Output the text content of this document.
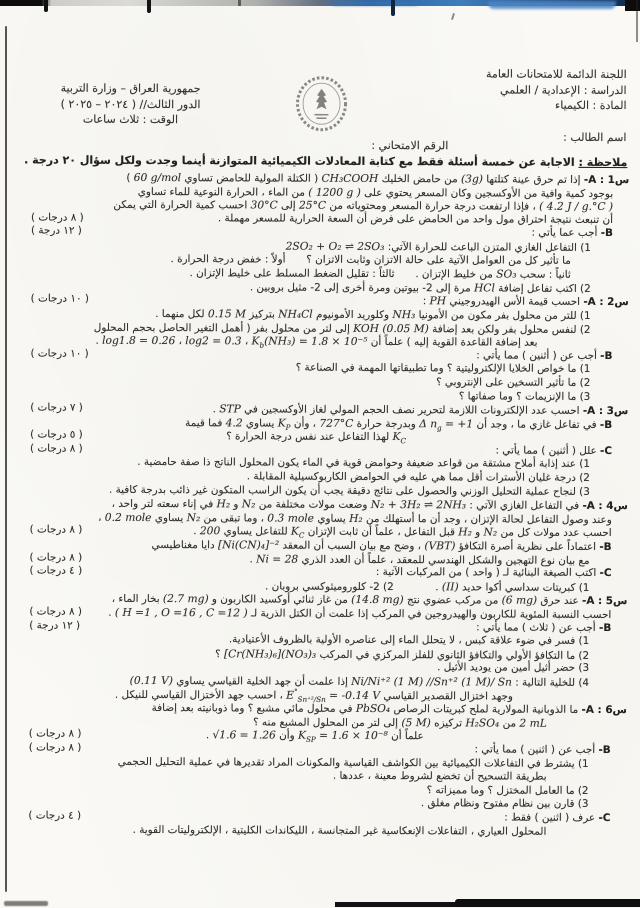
اللجنة الدائمة للامتحانات العامة
الدراسة : الإعدادية / العلمي
المادة : الكيمياء
اسم الطالب :
جمهورية العراق – وزارة التربية
الدور الثالث// ( ٢٠٢٤ – ٢٠٢٥ )
الوقت : ثلاث ساعات
الرقم الامتحاني :
ملاحظة : الاجابة عن خمسة أسئلة فقط مع كتابة المعادلات الكيميائية المتوازنة أينما وجدت ولكل سؤال ٢٠ درجة .
س1 : A- إذا تم حرق عينة كتلتها (3g) من حامض الخليك CH₃COOH ( الكتلة المولية للحامض تساوي 60 g/mol )
بوجود كمية وافية من الأوكسجين وكان المسعر يحتوي على ( 1200 g ) من الماء ، الحرارة النوعية للماء تساوي
( 4.2 J / g.°C ) ، فإذا ارتفعت درجة حرارة المسعر ومحتوياته من 25°C إلى 30°C احسب كمية الحرارة التي يمكن
أن تنبعث نتيجة احتراق مول واحد من الحامض على فرض أن السعة الحرارية للمسعر مهملة .
( ٨ درجات )
B- أجب عما يأتي :
( ١٢ درجة )
1) التفاعل الغازي المتزن الباعث للحرارة الآتي: 2SO₂ + O₂ ⇌ 2SO₃
ما تأثير كل من العوامل الآتية على حالة الاتزان وثابت الاتزان ؟  أولاً : خفض درجة الحرارة .
ثانياً : سحب SO₃ من خليط الإتزان .  ثالثاً : تقليل الضغط المسلط على خليط الإتزان .
2) اكتب تفاعل إضافة HCl مرة إلى 2- بيوتين ومرة أخرى إلى 2- مثيل بروبين .
س2 : A- احسب قيمة الأس الهيدروجيني PH :
( ١٠ درجات )
1) للتر من محلول بفر مكون من الأمونيا NH₃ وكلوريد الأمونيوم NH₄Cl بتركيز 0.15 M لكل منهما .
2) لنفس محلول بفر ولكن بعد إضافة KOH (0.05 M) إلى لتر من محلول بفر ( أهمل التغير الحاصل بحجم المحلول
بعد إضافة القاعدة القوية إليه ) علماً أن $K_b(NH_3) = 1.8 \times 10^{-5}$ ، log2 = 0.3 ، log1.8 = 0.26 .
B- أجب عن ( أثنين ) مما يأتي :
( ١٠ درجات )
1) ما خواص الخلايا الإلكتروليتية ؟ وما تطبيقاتها المهمة في الصناعة ؟
2) ما تأثير التسخين على الإنتروبي ؟
3) ما الإنزيمات ؟ وما صفاتها ؟
س3 : A- احسب عدد الإلكترونات اللازمة لتحرير نصف الحجم المولي لغاز الأوكسجين في STP .
( ٧ درجات )
B- في تفاعل غازي ما ، وجد أن Δ $n_g = +1$ وبدرجة حرارة 727°C ، وأن $K_P$ يساوي 4.2 فما قيمة
$K_C$ لهذا التفاعل عند نفس درجة الحرارة ؟
( ٥ درجات )
C- علل ( أثنين ) مما يأتي :
( ٨ درجات )
1) عند إذابة أملاح مشتقة من قواعد ضعيفة وحوامض قوية في الماء يكون المحلول الناتج ذا صفة حامضية .
2) درجة غليان الأسترات أقل مما هي عليه في الحوامض الكاربوكسيلية المقابلة .
3) لنجاح عملية التحليل الوزني والحصول على نتائج دقيقة يجب أن يكون الراسب المتكون غير ذائب بدرجة كافية .
س4 : A- في التفاعل الغازي الآتي : N₂ + 3H₂ ⇌ 2NH₃ وضعت مولات مختلفة من N₂ و H₂ في إناء سعته لتر واحد ،
وعند وصول التفاعل لحالة الإتزان ، وجد أن ما أستهلك من H₂ يساوي 0.3 mole ، وما تبقى من N₂ يساوي 0.2 mole ،
احسب عدد مولات كل من N₂ و H₂ قبل التفاعل ، علماً أن ثابت الإتزان $K_C$ للتفاعل يساوي 200 .
( ٨ درجات )
B- اعتماداً على نظرية أصرة التكافؤ (VBT) ، وضح مع بيان السبب أن المعقد [Ni(CN)₄]⁻² دايا مغناطيسي
مع بيان نوع التهجين والشكل الهندسي للمعقد ، علماً أن العدد الذري Ni = 28 .
( ٨ درجات )
C- اكتب الصيغة البنائية لـ ( واحد ) من المركبات الآتية :
( ٤ درجات )
1) كبريتات سداسي أكوا حديد (II) .    2) 2- كلوروميثوكسي بروبان .
س5 : A- عند حرق (6 mg) من مركب عضوي نتج (14.8 mg) من غاز ثنائي أوكسيد الكاربون و (2.7 mg) بخار الماء ،
احسب النسبة المئوية للكاربون والهيدروجين في المركب إذا علمت أن الكتل الذرية لـ ( H =1 , O =16 , C =12 ) .
( ٨ درجات )
B- أجب عن ( ثلاث ) مما يأتي :
( ١٢ درجة )
1) فسر في ضوء علاقة كبس ، لا يتحلل الماء إلى عناصره الأولية بالظروف الأعتيادية.
2) ما التكافؤ الأولي والتكافؤ الثانوي للفلز المركزي في المركب [Cr(NH₃)₆](NO₃)₃ ؟
3) حضر أثيل أمين من يوديد الأثيل .
4) للخلية التالية : Ni/Ni⁺² (1 M) //Sn⁺² (1 M)/ Sn إذا علمت أن جهد الخلية القياسي يساوي (0.11 V)
وجهد اختزال القصدير القياسي $E^\circ_{Sn^{+2}/Sn} = -0.14$ V ، احسب جهد الأختزال القياسي للنيكل .
س6 : A- ما الذوبانية المولارية لملح كبريتات الرصاص PbSO₄ في محلول مائي مشبع ؟ وما ذوبانيته بعد إضافة
2 mL من H₂SO₄ تركيزه (5 M) إلى لتر من المحلول المشبع منه ؟
علماً أن $K_{SP} = 1.6 \times 10^{-8}$ وأن √1.6 = 1.26 .
( ٨ درجات )
B- أجب عن ( اثنين ) مما يأتي :
( ٨ درجات )
1) يشترط في التفاعلات الكيميائية بين الكواشف القياسية والمكونات المراد تقديرها في عملية التحليل الحجمي
بطريقة التسحيح أن تخضع لشروط معينة ، عددها .
2) ما العامل المختزل ؟ وما مميزاته ؟
3) قارن بين نظام مفتوح ونظام مغلق .
C- عرف ( اثنين ) فقط :
( ٤ درجات )
المحلول العياري ، التفاعلات الإنعكاسية غير المتجانسة ، الليكاندات الكليتية ، الإلكتروليتات القوية .
